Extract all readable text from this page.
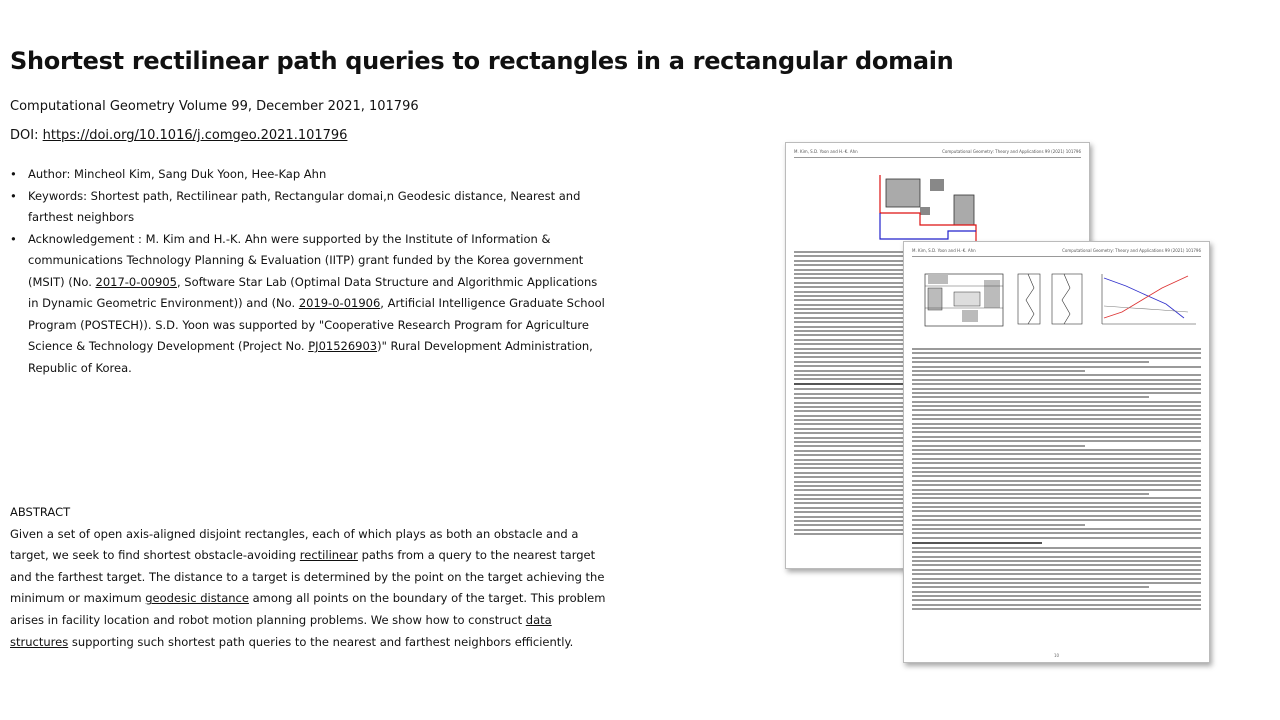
Shortest rectilinear path queries to rectangles in a rectangular domain
Computational Geometry Volume 99, December 2021, 101796
DOI: https://doi.org/10.1016/j.comgeo.2021.101796
• Author: Mincheol Kim, Sang Duk Yoon, Hee-Kap Ahn
• Keywords: Shortest path, Rectilinear path, Rectangular domai,n Geodesic distance, Nearest and farthest neighbors
• Acknowledgement : M. Kim and H.-K. Ahn were supported by the Institute of Information & communications Technology Planning & Evaluation (IITP) grant funded by the Korea government (MSIT) (No. 2017-0-00905, Software Star Lab (Optimal Data Structure and Algorithmic Applications in Dynamic Geometric Environment)) and (No. 2019-0-01906, Artificial Intelligence Graduate School Program (POSTECH)). S.D. Yoon was supported by "Cooperative Research Program for Agriculture Science & Technology Development (Project No. PJ01526903)" Rural Development Administration, Republic of Korea.
ABSTRACT
Given a set of open axis-aligned disjoint rectangles, each of which plays as both an obstacle and a target, we seek to find shortest obstacle-avoiding rectilinear paths from a query to the nearest target and the farthest target. The distance to a target is determined by the point on the target achieving the minimum or maximum geodesic distance among all points on the boundary of the target. This problem arises in facility location and robot motion planning problems. We show how to construct data structures supporting such shortest path queries to the nearest and farthest neighbors efficiently.
M. Kim, S.D. Yoon and H.-K. Ahn	Computational Geometry: Theory and Applications 99 (2021) 101796
M. Kim, S.D. Yoon and H.-K. Ahn	Computational Geometry: Theory and Applications 99 (2021) 101796
10
